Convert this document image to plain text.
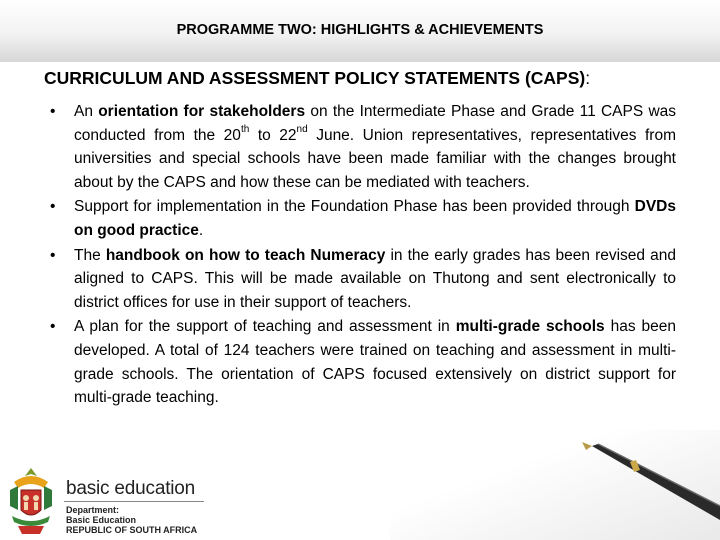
PROGRAMME TWO: HIGHLIGHTS & ACHIEVEMENTS
CURRICULUM AND ASSESSMENT POLICY STATEMENTS (CAPS):
• An orientation for stakeholders on the Intermediate Phase and Grade 11 CAPS was conducted from the 20th to 22nd June. Union representatives, representatives from universities and special schools have been made familiar with the changes brought about by the CAPS and how these can be mediated with teachers.
• Support for implementation in the Foundation Phase has been provided through DVDs on good practice.
• The handbook on how to teach Numeracy in the early grades has been revised and aligned to CAPS. This will be made available on Thutong and sent electronically to district offices for use in their support of teachers.
• A plan for the support of teaching and assessment in multi-grade schools has been developed. A total of 124 teachers were trained on teaching and assessment in multi-grade schools. The orientation of CAPS focused extensively on district support for multi-grade teaching.
basic education
Department:
Basic Education
REPUBLIC OF SOUTH AFRICA
